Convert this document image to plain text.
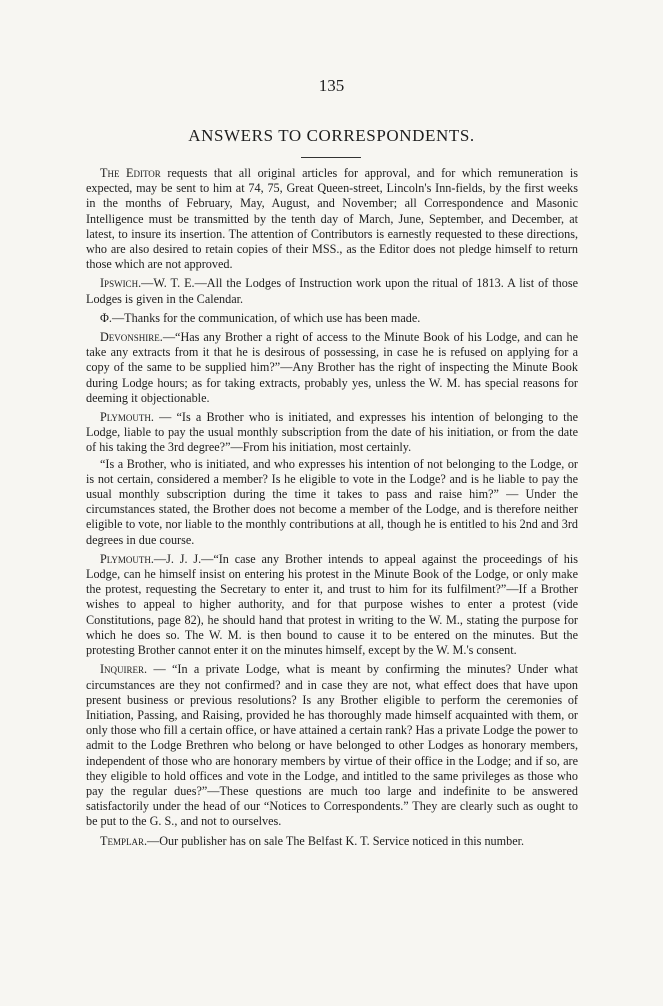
135
ANSWERS TO CORRESPONDENTS.

The Editor requests that all original articles for approval, and for which remuneration is expected, may be sent to him at 74, 75, Great Queen-street, Lincoln's Inn-fields, by the first weeks in the months of February, May, August, and November; all Correspondence and Masonic Intelligence must be transmitted by the tenth day of March, June, September, and December, at latest, to insure its insertion. The attention of Contributors is earnestly requested to these directions, who are also desired to retain copies of their MSS., as the Editor does not pledge himself to return those which are not approved.

Ipswich.—W. T. E.—All the Lodges of Instruction work upon the ritual of 1813. A list of those Lodges is given in the Calendar.

Φ.—Thanks for the communication, of which use has been made.

Devonshire.—“Has any Brother a right of access to the Minute Book of his Lodge, and can he take any extracts from it that he is desirous of possessing, in case he is refused on applying for a copy of the same to be supplied him?”—Any Brother has the right of inspecting the Minute Book during Lodge hours; as for taking extracts, probably yes, unless the W. M. has special reasons for deeming it objectionable.

Plymouth. — “Is a Brother who is initiated, and expresses his intention of belonging to the Lodge, liable to pay the usual monthly subscription from the date of his initiation, or from the date of his taking the 3rd degree?”—From his initiation, most certainly.

“Is a Brother, who is initiated, and who expresses his intention of not belonging to the Lodge, or is not certain, considered a member? Is he eligible to vote in the Lodge? and is he liable to pay the usual monthly subscription during the time it takes to pass and raise him?” — Under the circumstances stated, the Brother does not become a member of the Lodge, and is therefore neither eligible to vote, nor liable to the monthly contributions at all, though he is entitled to his 2nd and 3rd degrees in due course.

Plymouth.—J. J. J.—“In case any Brother intends to appeal against the proceedings of his Lodge, can he himself insist on entering his protest in the Minute Book of the Lodge, or only make the protest, requesting the Secretary to enter it, and trust to him for its fulfilment?”—If a Brother wishes to appeal to higher authority, and for that purpose wishes to enter a protest (vide Constitutions, page 82), he should hand that protest in writing to the W. M., stating the purpose for which he does so. The W. M. is then bound to cause it to be entered on the minutes. But the protesting Brother cannot enter it on the minutes himself, except by the W. M.'s consent.

Inquirer. — “In a private Lodge, what is meant by confirming the minutes? Under what circumstances are they not confirmed? and in case they are not, what effect does that have upon present business or previous resolutions? Is any Brother eligible to perform the ceremonies of Initiation, Passing, and Raising, provided he has thoroughly made himself acquainted with them, or only those who fill a certain office, or have attained a certain rank? Has a private Lodge the power to admit to the Lodge Brethren who belong or have belonged to other Lodges as honorary members, independent of those who are honorary members by virtue of their office in the Lodge; and if so, are they eligible to hold offices and vote in the Lodge, and intitled to the same privileges as those who pay the regular dues?”—These questions are much too large and indefinite to be answered satisfactorily under the head of our “Notices to Correspondents.” They are clearly such as ought to be put to the G. S., and not to ourselves.

Templar.—Our publisher has on sale The Belfast K. T. Service noticed in this number.
